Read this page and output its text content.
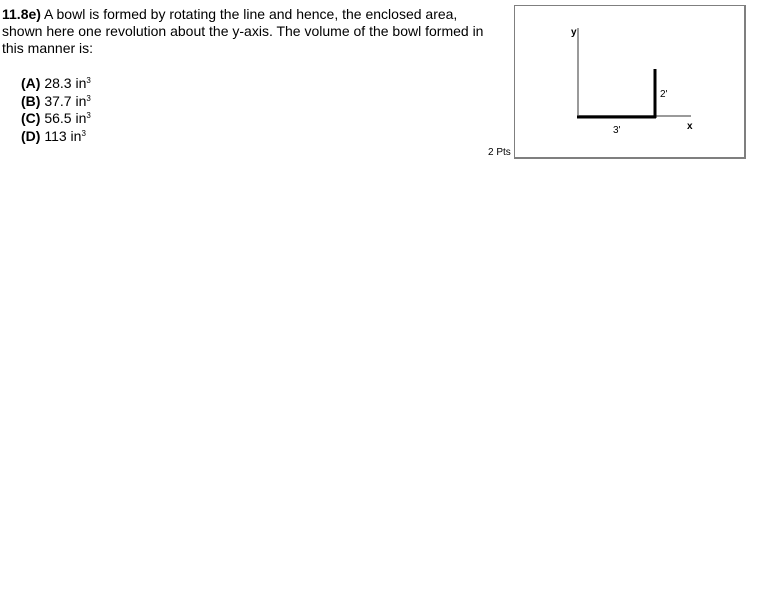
11.8e) A bowl is formed by rotating the line and hence, the enclosed area, shown here one revolution about the y-axis. The volume of the bowl formed in this manner is:
(A) 28.3 $in^3$
(B) 37.7 $in^3$
(C) 56.5 $in^3$
(D) 113 $in^3$
2 Pts
y
x
3'
2'
